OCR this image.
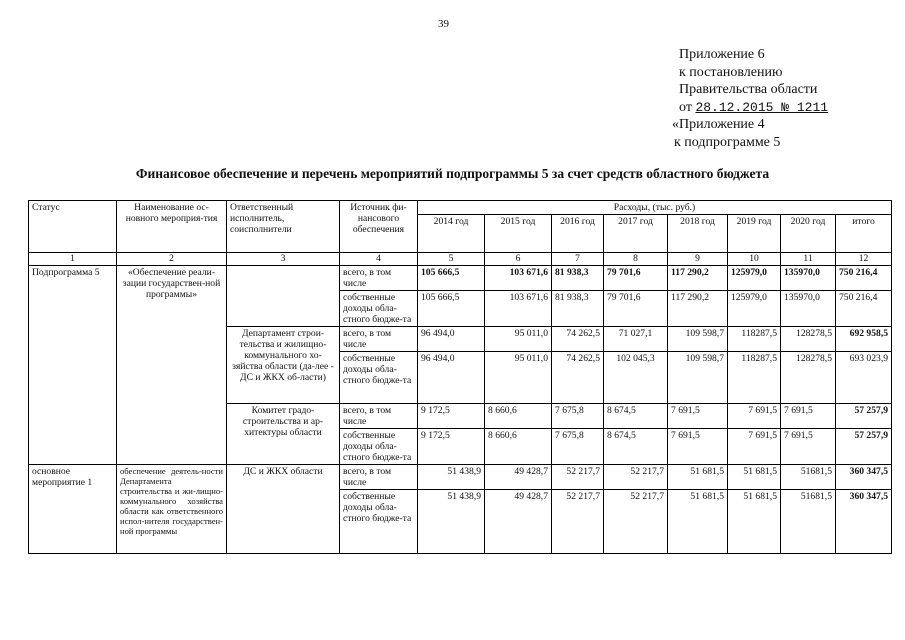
39
Приложение 6
к постановлению
Правительства области
от 28.12.2015 № 1211
«Приложение 4
к подпрограмме 5
Финансовое обеспечение и перечень мероприятий подпрограммы 5 за счет средств областного бюджета
Статус	Наименование ос-новного мероприя-тия	Ответственный исполнитель, соисполнители	Источник фи-нансового обеспечения	Расходы, (тыс. руб.)							
				2014 год	2015 год	2016 год	2017 год	2018 год	2019 год	2020 год	итого
1	2	3	4	5	6	7	8	9	10	11	12
Подпрограмма 5	«Обеспечение реали-зации государствен-ной программы»		всего, в том числе	105 666,5	103 671,6	81 938,3	79 701,6	117 290,2	125979,0	135970,0	750 216,4
			собственные доходы обла-стного бюдже-та	105 666,5	103 671,6	81 938,3	79 701,6	117 290,2	125979,0	135970,0	750 216,4
		Департамент строи-тельства и жилищно-коммунального хо-зяйства области (да-лее - ДС и ЖКХ об-ласти)	всего, в том числе	96 494,0	95 011,0	74 262,5	71 027,1	109 598,7	118287,5	128278,5	692 958,5
			собственные доходы обла-стного бюдже-та	96 494,0	95 011,0	74 262,5	102 045,3	109 598,7	118287,5	128278,5	693 023,9
		Комитет градо-строительства и ар-хитектуры области	всего, в том числе	9 172,5	8 660,6	7 675,8	8 674,5	7 691,5	7 691,5	7 691,5	57 257,9
			собственные доходы обла-стного бюдже-та	9 172,5	8 660,6	7 675,8	8 674,5	7 691,5	7 691,5	7 691,5	57 257,9
основное мероприятие 1	обеспечение деятель-ности Департамента строительства и жи-лищно-коммунального хозяйства области как ответственного испол-нителя государствен-ной программы	ДС и ЖКХ области	всего, в том числе	51 438,9	49 428,7	52 217,7	52 217,7	51 681,5	51 681,5	51681,5	360 347,5
			собственные доходы обла-стного бюдже-та	51 438,9	49 428,7	52 217,7	52 217,7	51 681,5	51 681,5	51681,5	360 347,5
